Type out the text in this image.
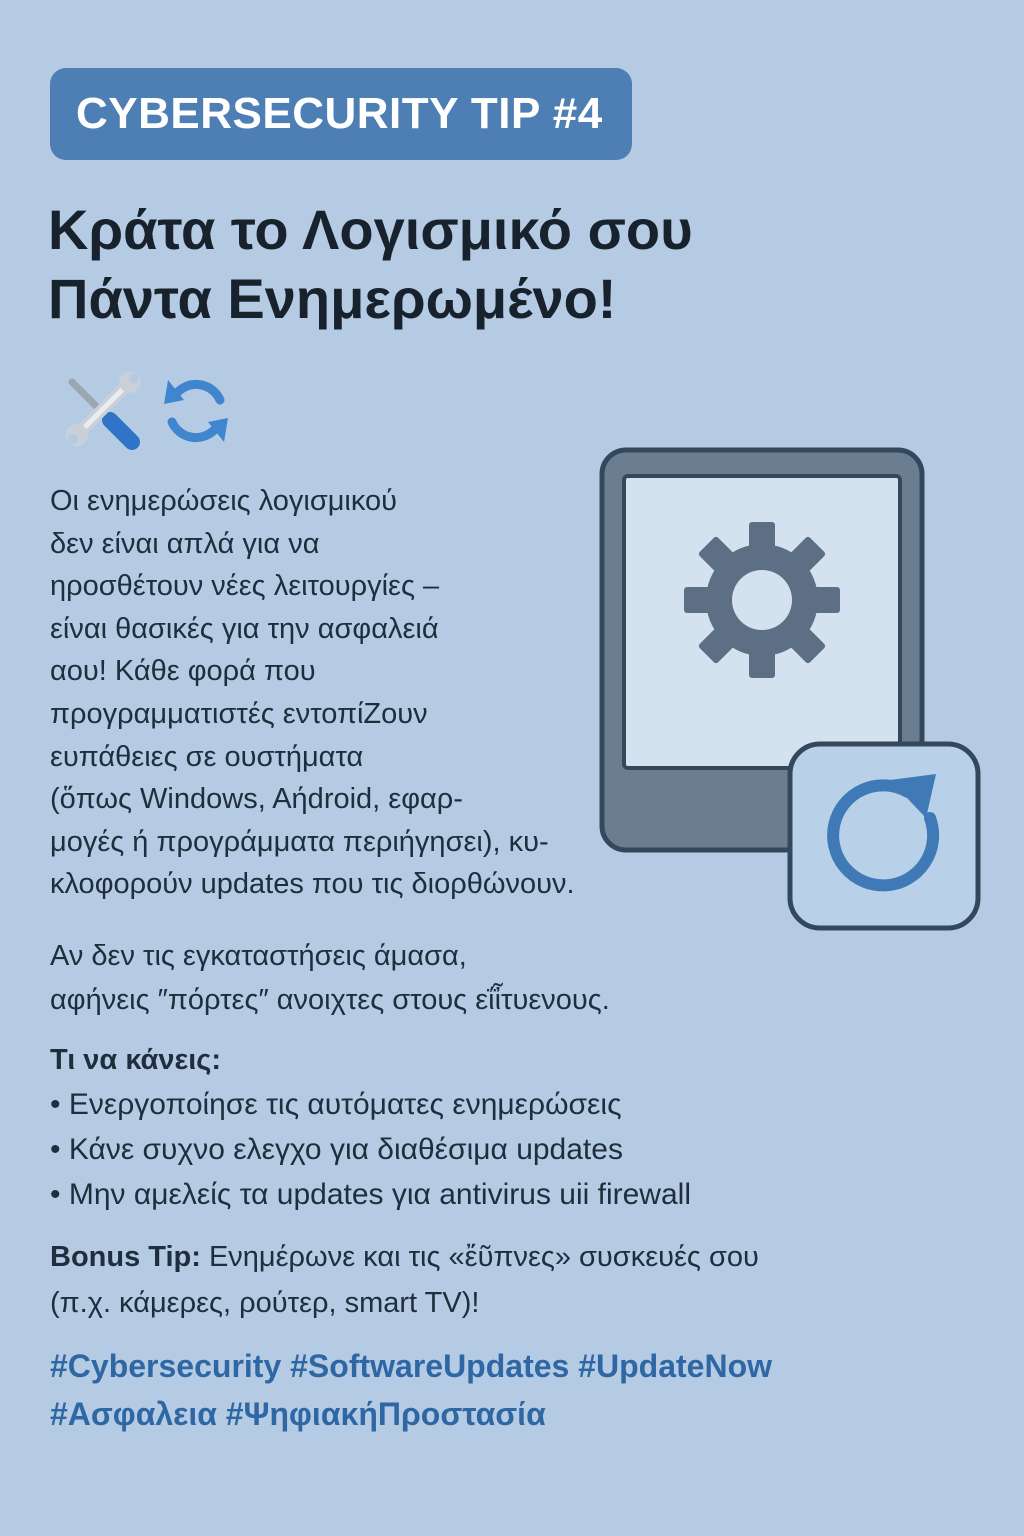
CYBERSECURITY TIP #4
Κράτα το Λογισμικό σου
Πάντα Ενημερωμένο!
Οι ενημερώσεις λογισμικού
δεν είναι απλά για να
ηροσθέτουν νέες λειτουργίες –
είναι θασικές για την ασφαλειά
αου! Κάθε φορά που
προγραμματιστές εντοπίΖουν
ευπάθειες σε ουστήματα
(ὅπως Windows, Aήdroid, εφαρ-
μογές ή προγράμματα περιήγησει), κυ-
κλοφορούν updates που τις διορθώνουν.
Αν δεν τις εγκαταστήσεις άμασα,
αφήνεις ″πόρτες″ ανοιχτες στους εΐἶτυενους.
Τι να κάνεις:
• Ενεργοποίησε τις αυτόματες ενημερώσεις
• Κάνε συχνο ελεγχο για διαθέσιμα updates
• Μην αμελείς τα updates για antivirus uii firewall
Bonus Tip: Ενημέρωνε και τις «ἔῦπνες» συσκευές σου
(π.χ. κάμερες, ρούτερ, smart TV)!
#Cybersecurity #SoftwareUpdates #UpdateNow
#Ασφαλεια #ΨηφιακήΠροστασία
